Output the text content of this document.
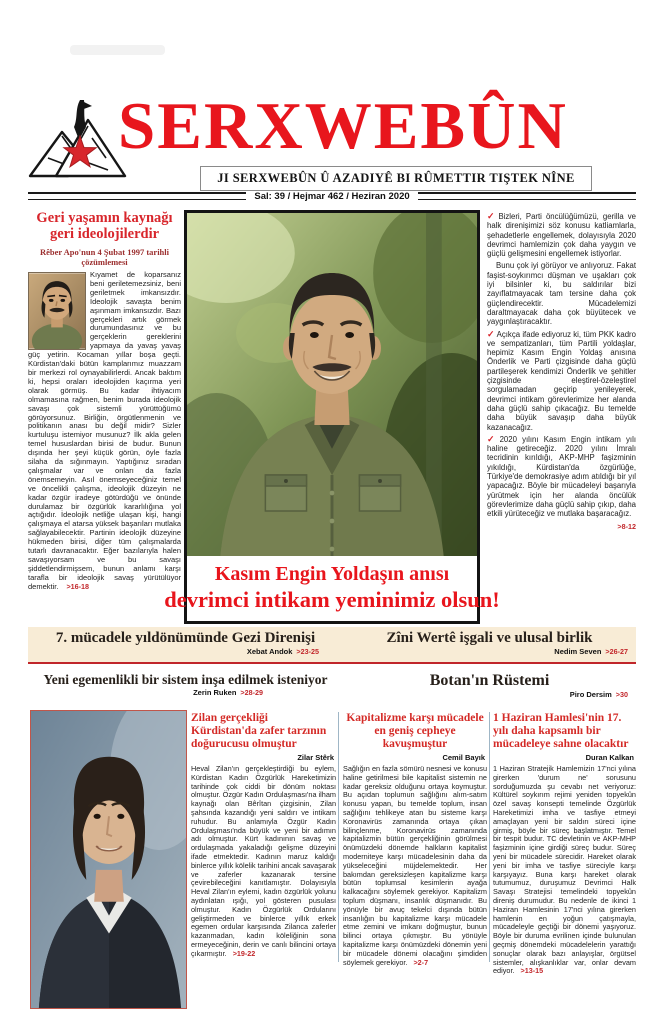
SERXWEBÛN
JI SERXWEBÛN Û AZADIYÊ BI RÛMETTIR TIŞTEK NÎNE
Sal: 39 / Hejmar 462 / Heziran 2020
Geri yaşamın kaynağı geri ideolojilerdir
Rêber Apo'nun 4 Şubat 1997 tarihli çözümlemesi
Kıyamet de koparsanız beni geriletemezsiniz, beni geriletmek imkansızdır. İdeolojik savaşta benim aşınmam imkansızdır. Bazı gerçekleri artık görmek durumundasınız ve bu gerçeklerin gereklerini yapmaya da yavaş yavaş güç yetirin. Kocaman yıllar boşa geçti. Kürdistan'daki bütün kamplarımız muazzam bir merkezi rol oynayabilirlerdi. Ancak baktım ki, hepsi oraları ideolojiden kaçırma yeri olarak görmüş. Bu kadar ihtiyacım olmamasına rağmen, benim burada ideolojik savaşı çok sistemli yürüttüğümü görüyorsunuz. Birliğin, örgütlenmenin ve politikanın anası bu değil midir? Sizler kurtuluşu istemiyor musunuz? İlk akla gelen temel hususlardan birisi de budur. Bunun dışında her şeyi küçük görün, öyle fazla silaha da sığınmayın. Yaptığınız sıradan çalışmalar var ve onları da fazla önemsemeyin. Asıl önemseyeceğiniz temel ve öncelikli çalışma, ideolojik düzeyin ne kadar özgür iradeye götürdüğü ve önünde durulamaz bir özgürlük kararlılığına yol açtığıdır. İdeolojik netliğe ulaşan kişi, hangi çalışmaya el atarsa yüksek başarıları mutlaka sağlayabilecektir. Partinin ideolojik düzeyine hükmeden birisi, diğer tüm çalışmalarda tutarlı davranacaktır. Eğer bazılarıyla halen savaşıyorsam ve bu savaşı şiddetlendirmişsem, bunun anlamı karşı tarafla bir ideolojik savaş yürütülüyor demektir. >16-18
Kasım Engin Yoldaşın anısı
devrimci intikam yeminimiz olsun!

✓ Bizleri, Parti öncülüğümüzü, gerilla ve halk direnişimizi söz konusu katliamlarla, şehadetlerle engellemek, dolayısıyla 2020 devrimci hamlemizin çok daha yaygın ve güçlü gelişmesini engellemek istiyorlar.

Bunu çok iyi görüyor ve anlıyoruz. Fakat faşist-soykırımcı düşman ve uşakları çok iyi bilsinler ki, bu saldırılar bizi zayıflatmayacak tam tersine daha çok güçlendirecektir. Mücadelemizi daraltmayacak daha çok büyütecek ve yaygınlaştıracaktır.

✓ Açıkça ifade ediyoruz ki, tüm PKK kadro ve sempatizanları, tüm Partili yoldaşlar, hepimiz Kasım Engin Yoldaş anısına Önderlik ve Parti çizgisinde daha güçlü partileşerek kendimizi Önderlik ve şehitler çizgisinde eleştirel-özeleştirel sorgulamadan geçirip yenileyerek, devrimci intikam görevlerimize her alanda daha güçlü sahip çıkacağız. Bu temelde daha büyük savaşıp daha büyük kazanacağız.

✓ 2020 yılını Kasım Engin intikam yılı haline getireceğiz. 2020 yılını İmralı tecridinin kırıldığı, AKP-MHP faşizminin yıkıldığı, Kürdistan'da özgürlüğe, Türkiye'de demokrasiye adım atıldığı bir yıl yapacağız. Böyle bir mücadeleyi başarıyla yürütmek için her alanda öncülük görevlerimize daha güçlü sahip çıkıp, daha etkili yürüteceğiz ve mutlaka başaracağız.

>8-12
7. mücadele yıldönümünde Gezi Direnişi
Xebat Andok >23-25
Zîni Wertê işgali ve ulusal birlik
Nedim Seven >26-27
Yeni egemenlikli bir sistem inşa edilmek isteniyor
Zerin Ruken >28-29
Botan'ın Rüstemi
Piro Dersim >30
Zilan gerçekliği Kürdistan'da zafer tarzının doğurucusu olmuştur
Zilar Stêrk
Heval Zilan'ın gerçekleştirdiği bu eylem, Kürdistan Kadın Özgürlük Hareketimizin tarihinde çok ciddi bir dönüm noktası olmuştur. Özgür Kadın Ordulaşması'na ilham kaynağı olan Bêrîtan çizgisinin, Zilan şahsında kazandığı yeni saldırı ve intikam ruhudur. Bu anlamıyla Özgür Kadın Ordulaşması'nda büyük ve yeni bir adımın adı olmuştur. Kürt kadınının savaş ve ordulaşmada yakaladığı gelişme düzeyini ifade etmektedir. Kadının maruz kaldığı binlerce yıllık kölelik tarihini ancak savaşarak ve zaferler kazanarak tersine çevirebileceğini kanıtlamıştır. Dolayısıyla Heval Zilan'ın eylemi, kadın özgürlük yolunu aydınlatan ışığı, yol gösteren pusulası olmuştur. Kadın Özgürlük Ordularını geliştirmeden ve binlerce yıllık erkek egemen ordular karşısında Zilanca zaferler kazanmadan, kadın köleliğinin sona ermeyeceğinin, derin ve canlı bilincini ortaya çıkarmıştır. >19-22
Kapitalizme karşı mücadele en geniş cepheye kavuşmuştur
Cemil Bayık
Sağlığın en fazla sömürü nesnesi ve konusu haline getirilmesi bile kapitalist sistemin ne kadar gereksiz olduğunu ortaya koymuştur. Bu açıdan toplumun sağlığını alım-satım konusu yapan, bu temelde toplum, insan sağlığını tehlikeye atan bu sisteme karşı Koronavirüs zamanında ortaya çıkan bilinçlenme, Koronavirüs zamanında kapitalizmin bütün gerçekliğinin görülmesi önümüzdeki dönemde halkların kapitalist moderniteye karşı mücadelesinin daha da yükseleceğini müjdelemektedir. Her bakımdan gereksizleşen kapitalizme karşı bütün toplumsal kesimlerin ayağa kalkacağını söylemek gerekiyor. Kapitalizm toplum düşmanı, insanlık düşmanıdır. Bu yönüyle bir avuç tekelci dışında bütün insanlığın bu kapitalizme karşı mücadele etme zemini ve imkanı doğmuştur, bunun bilinci ortaya çıkmıştır. Bu yönüyle kapitalizme karşı önümüzdeki dönemin yeni bir mücadele dönemi olacağını şimdiden söylemek gerekiyor. >2-7
1 Haziran Hamlesi'nin 17. yılı daha kapsamlı bir mücadeleye sahne olacaktır
Duran Kalkan
1 Haziran Stratejik Hamlemizin 17'nci yılına girerken 'durum ne' sorusunu sorduğumuzda şu cevabı net veriyoruz: Kültürel soykırım rejimi yeniden topyekûn özel savaş konsepti temelinde Özgürlük Hareketimizi imha ve tasfiye etmeyi amaçlayan yeni bir saldırı süreci içine girmiş, böyle bir süreç başlatmıştır. Temel bir tespit budur. TC devletinin ve AKP-MHP faşizminin içine girdiği süreç budur. Süreç yeni bir mücadele sürecidir. Hareket olarak yeni bir imha ve tasfiye süreciyle karşı karşıyayız. Buna karşı hareket olarak tutumumuz, duruşumuz Devrimci Halk Savaşı Stratejisi temelindeki topyekûn direniş durumudur. Bu nedenle de ikinci 1 Haziran Hamlesinin 17'nci yılına girerken hamlenin en yoğun çatışmayla, mücadeleyle geçtiği bir dönemi yaşıyoruz. Böyle bir duruma evrilinen içinde bulunulan geçmiş dönemdeki mücadelelerin yarattığı sonuçlar olarak bazı anlayışlar, örgütsel sistemler, alışkanlıklar var, onlar devam ediyor. >13-15
